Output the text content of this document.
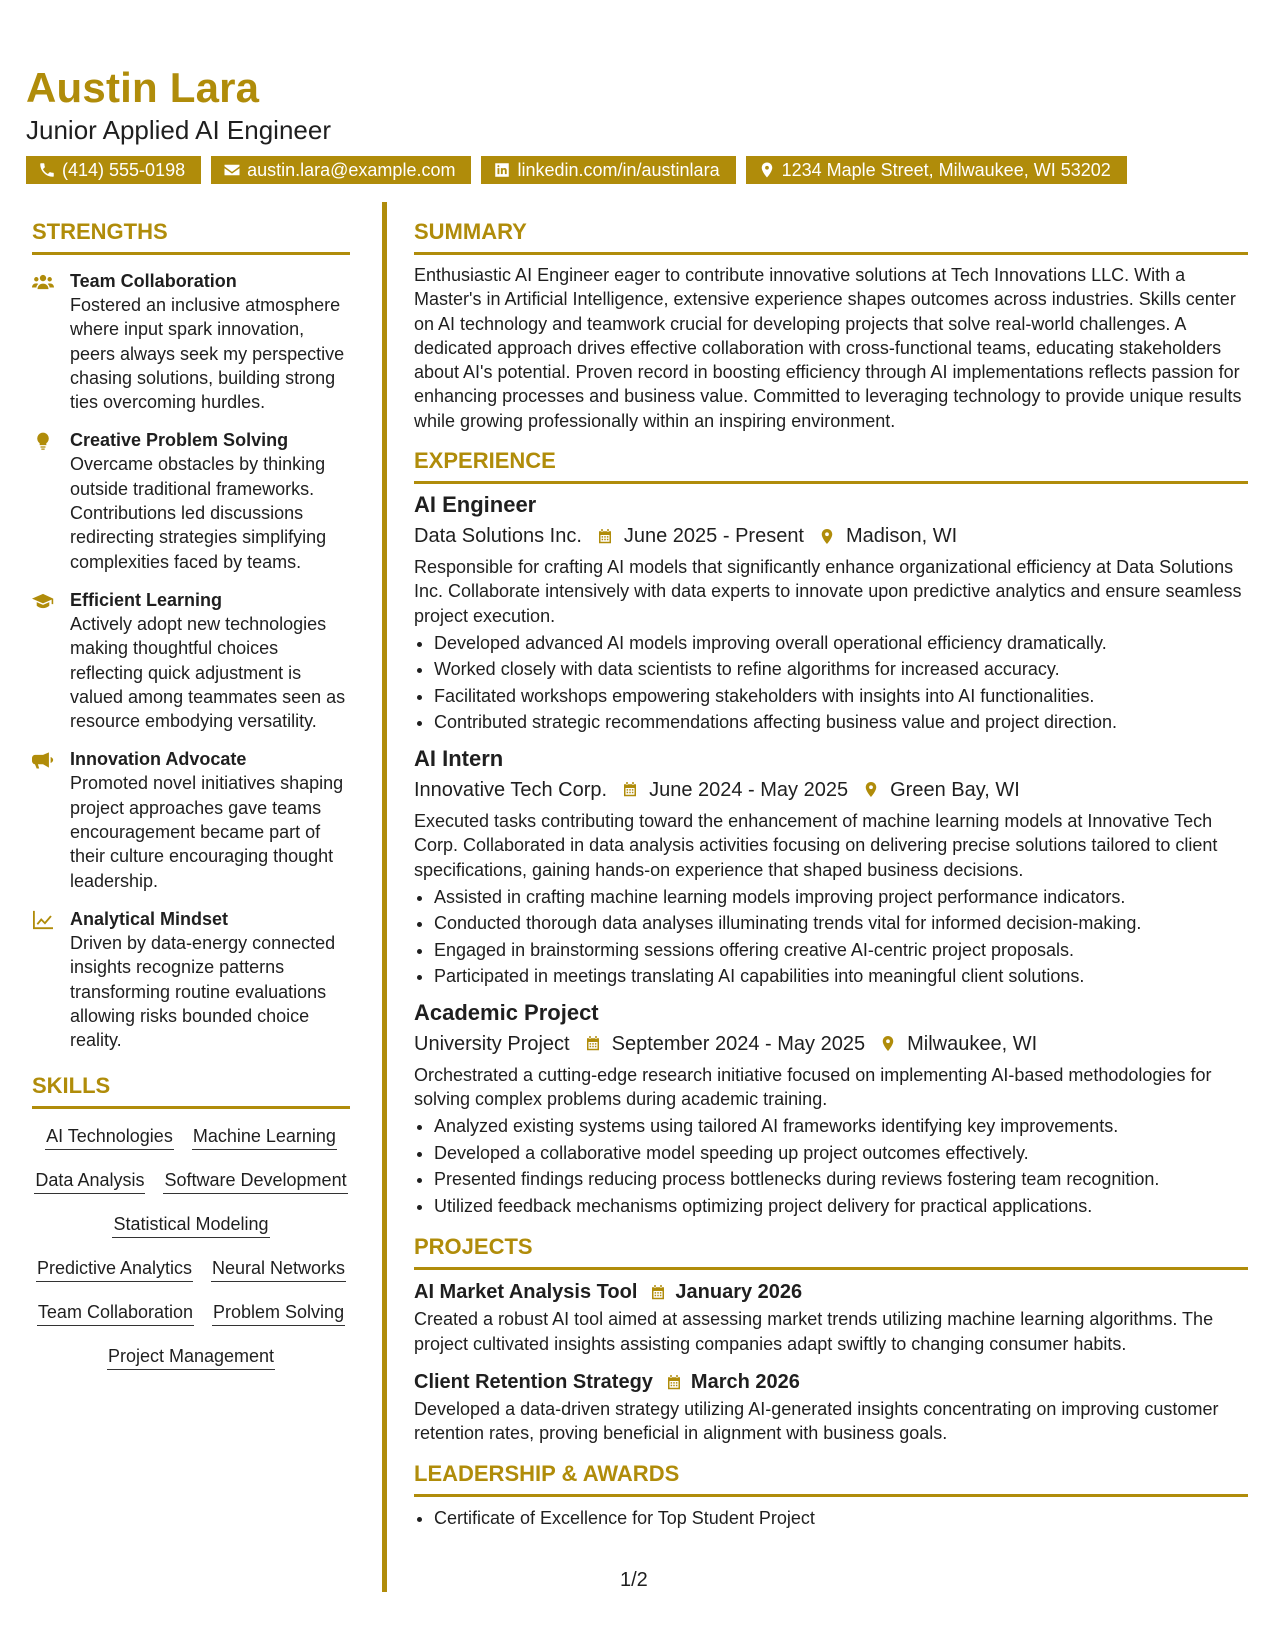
Austin Lara
Junior Applied AI Engineer
(414) 555-0198	austin.lara@example.com	linkedin.com/in/austinlara	1234 Maple Street, Milwaukee, WI 53202
STRENGTHS
Team Collaboration
Fostered an inclusive atmosphere where input spark innovation, peers always seek my perspective chasing solutions, building strong ties overcoming hurdles.
Creative Problem Solving
Overcame obstacles by thinking outside traditional frameworks. Contributions led discussions redirecting strategies simplifying complexities faced by teams.
Efficient Learning
Actively adopt new technologies making thoughtful choices reflecting quick adjustment is valued among teammates seen as resource embodying versatility.
Innovation Advocate
Promoted novel initiatives shaping project approaches gave teams encouragement became part of their culture encouraging thought leadership.
Analytical Mindset
Driven by data-energy connected insights recognize patterns transforming routine evaluations allowing risks bounded choice reality.
SKILLS
AI Technologies Machine Learning
Data Analysis Software Development
Statistical Modeling
Predictive Analytics Neural Networks
Team Collaboration Problem Solving
Project Management
SUMMARY
Enthusiastic AI Engineer eager to contribute innovative solutions at Tech Innovations LLC. With a Master's in Artificial Intelligence, extensive experience shapes outcomes across industries. Skills center on AI technology and teamwork crucial for developing projects that solve real-world challenges. A dedicated approach drives effective collaboration with cross-functional teams, educating stakeholders about AI's potential. Proven record in boosting efficiency through AI implementations reflects passion for enhancing processes and business value. Committed to leveraging technology to provide unique results while growing professionally within an inspiring environment.
EXPERIENCE
AI Engineer
Data Solutions Inc. June 2025 - Present Madison, WI
Responsible for crafting AI models that significantly enhance organizational efficiency at Data Solutions Inc. Collaborate intensively with data experts to innovate upon predictive analytics and ensure seamless project execution.
• Developed advanced AI models improving overall operational efficiency dramatically.
• Worked closely with data scientists to refine algorithms for increased accuracy.
• Facilitated workshops empowering stakeholders with insights into AI functionalities.
• Contributed strategic recommendations affecting business value and project direction.
AI Intern
Innovative Tech Corp. June 2024 - May 2025 Green Bay, WI
Executed tasks contributing toward the enhancement of machine learning models at Innovative Tech Corp. Collaborated in data analysis activities focusing on delivering precise solutions tailored to client specifications, gaining hands-on experience that shaped business decisions.
• Assisted in crafting machine learning models improving project performance indicators.
• Conducted thorough data analyses illuminating trends vital for informed decision-making.
• Engaged in brainstorming sessions offering creative AI-centric project proposals.
• Participated in meetings translating AI capabilities into meaningful client solutions.
Academic Project
University Project September 2024 - May 2025 Milwaukee, WI
Orchestrated a cutting-edge research initiative focused on implementing AI-based methodologies for solving complex problems during academic training.
• Analyzed existing systems using tailored AI frameworks identifying key improvements.
• Developed a collaborative model speeding up project outcomes effectively.
• Presented findings reducing process bottlenecks during reviews fostering team recognition.
• Utilized feedback mechanisms optimizing project delivery for practical applications.
PROJECTS
AI Market Analysis Tool January 2026
Created a robust AI tool aimed at assessing market trends utilizing machine learning algorithms. The project cultivated insights assisting companies adapt swiftly to changing consumer habits.
Client Retention Strategy March 2026
Developed a data-driven strategy utilizing AI-generated insights concentrating on improving customer retention rates, proving beneficial in alignment with business goals.
LEADERSHIP & AWARDS
• Certificate of Excellence for Top Student Project
1/2
